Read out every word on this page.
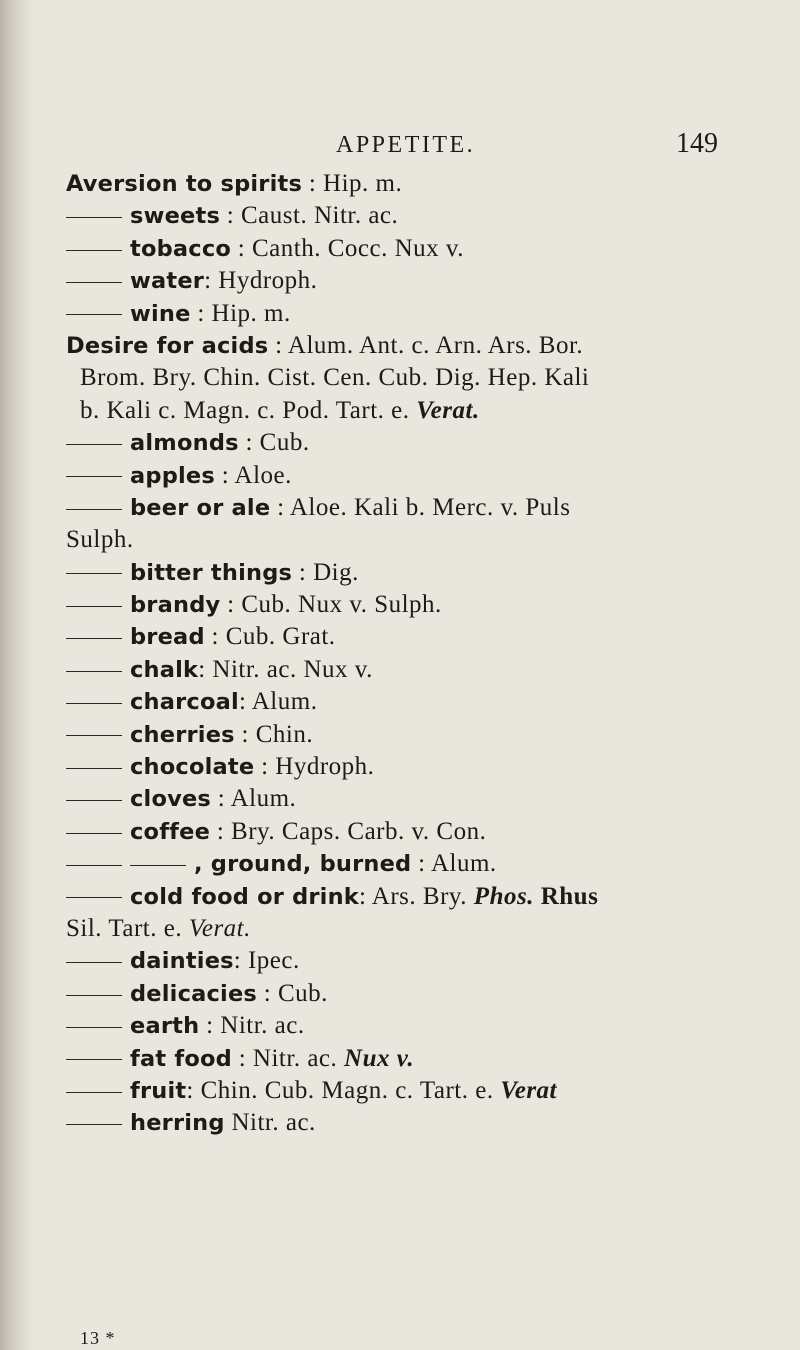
APPETITE.	149
Aversion to spirits : Hip. m.
sweets : Caust. Nitr. ac.
tobacco : Canth. Cocc. Nux v.
water: Hydroph.
wine : Hip. m.
Desire for acids : Alum. Ant. c. Arn. Ars. Bor.
Brom. Bry. Chin. Cist. Cen. Cub. Dig. Hep. Kali
b. Kali c. Magn. c. Pod. Tart. e. Verat.
almonds : Cub.
apples : Aloe.
beer or ale : Aloe. Kali b. Merc. v. Puls
Sulph.
bitter things : Dig.
brandy : Cub. Nux v. Sulph.
bread : Cub. Grat.
chalk: Nitr. ac. Nux v.
charcoal: Alum.
cherries : Chin.
chocolate : Hydroph.
cloves : Alum.
coffee : Bry. Caps. Carb. v. Con.
, ground, burned : Alum.
cold food or drink: Ars. Bry. Phos. Rhus
Sil. Tart. e. Verat.
dainties: Ipec.
delicacies : Cub.
earth : Nitr. ac.
fat food : Nitr. ac. Nux v.
fruit: Chin. Cub. Magn. c. Tart. e. Verat
herring Nitr. ac.
13 *
